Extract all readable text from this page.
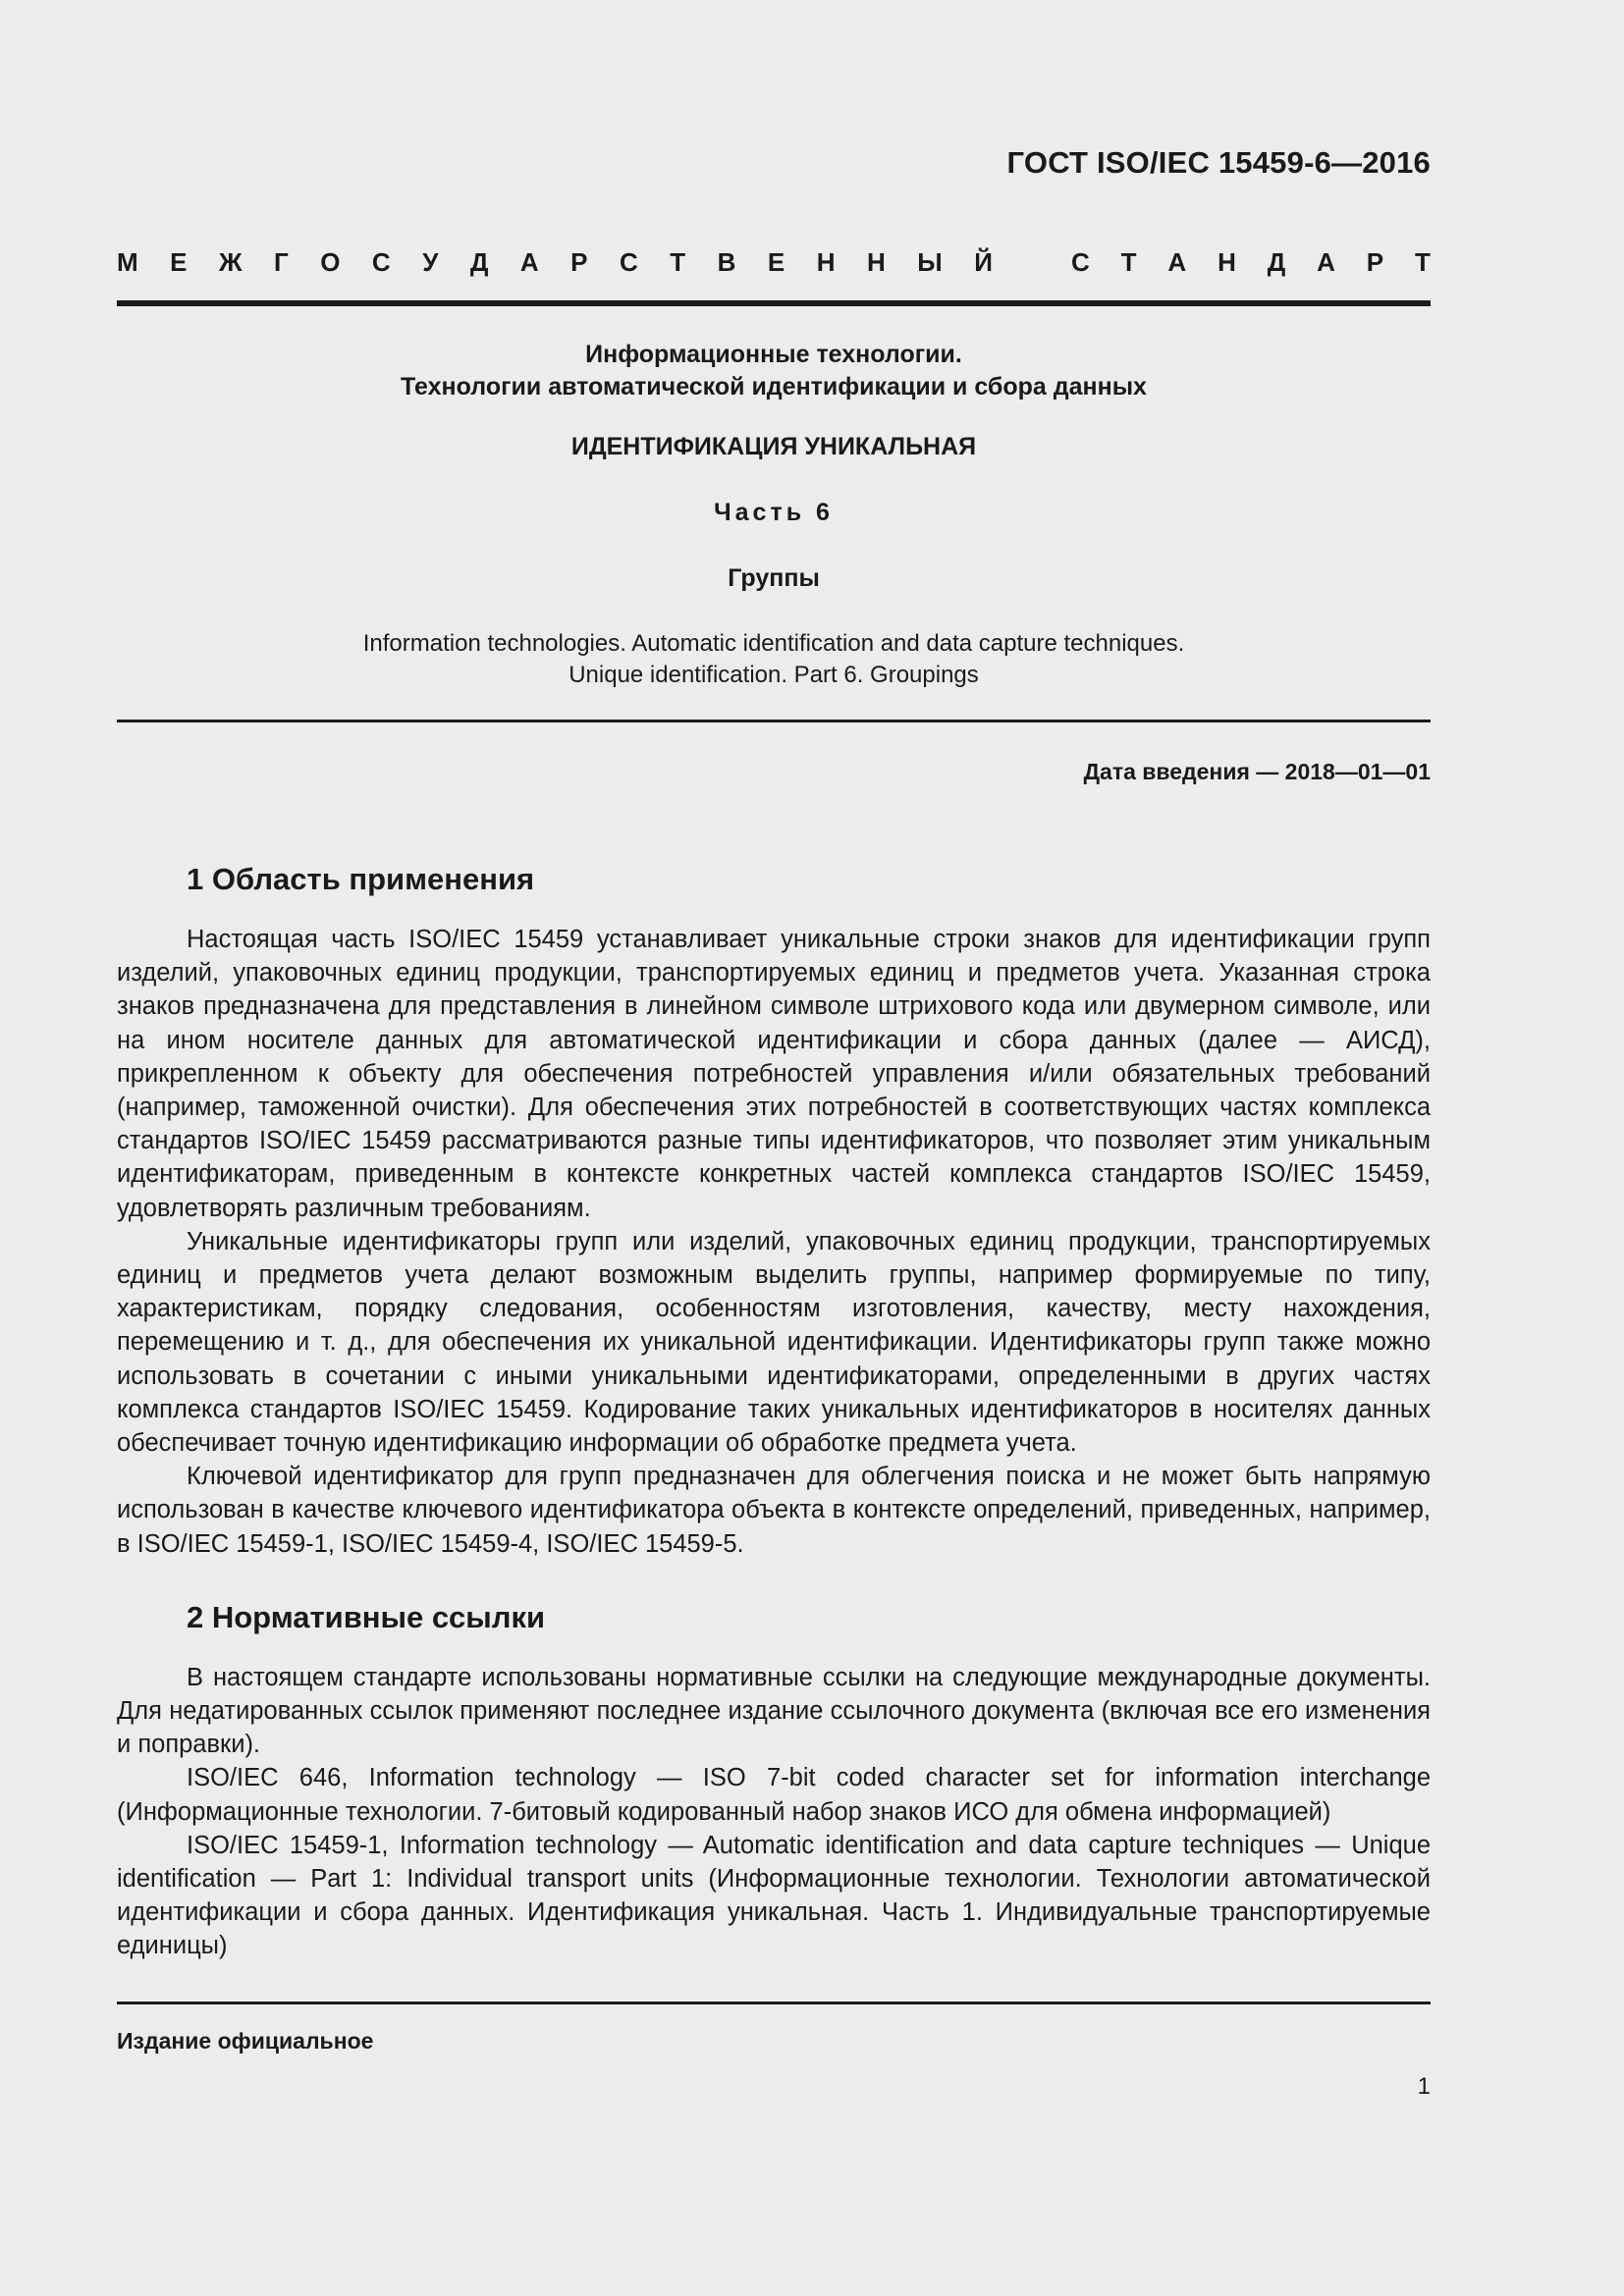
ГОСТ ISO/IEC 15459-6—2016
М Е Ж Г О С У Д А Р С Т В Е Н Н Ы Й	С Т А Н Д А Р Т
Информационные технологии.
Технологии автоматической идентификации и сбора данных
ИДЕНТИФИКАЦИЯ УНИКАЛЬНАЯ
Часть 6
Группы
Information technologies. Automatic identification and data capture techniques.
Unique identification. Part 6. Groupings
Дата введения — 2018—01—01
1 Область применения

Настоящая часть ISO/IEC 15459 устанавливает уникальные строки знаков для идентификации групп изделий, упаковочных единиц продукции, транспортируемых единиц и предметов учета. Указанная строка знаков предназначена для представления в линейном символе штрихового кода или двумерном символе, или на ином носителе данных для автоматической идентификации и сбора данных (далее — АИСД), прикрепленном к объекту для обеспечения потребностей управления и/или обязательных требований (например, таможенной очистки). Для обеспечения этих потребностей в соответствующих частях комплекса стандартов ISO/IEC 15459 рассматриваются разные типы идентификаторов, что позволяет этим уникальным идентификаторам, приведенным в контексте конкретных частей комплекса стандартов ISO/IEC 15459, удовлетворять различным требованиям.

Уникальные идентификаторы групп или изделий, упаковочных единиц продукции, транспортируемых единиц и предметов учета делают возможным выделить группы, например формируемые по типу, характеристикам, порядку следования, особенностям изготовления, качеству, месту нахождения, перемещению и т. д., для обеспечения их уникальной идентификации. Идентификаторы групп также можно использовать в сочетании с иными уникальными идентификаторами, определенными в других частях комплекса стандартов ISO/IEC 15459. Кодирование таких уникальных идентификаторов в носителях данных обеспечивает точную идентификацию информации об обработке предмета учета.

Ключевой идентификатор для групп предназначен для облегчения поиска и не может быть напрямую использован в качестве ключевого идентификатора объекта в контексте определений, приведенных, например, в ISO/IEC 15459-1, ISO/IEC 15459-4, ISO/IEC 15459-5.

2 Нормативные ссылки

В настоящем стандарте использованы нормативные ссылки на следующие международные документы. Для недатированных ссылок применяют последнее издание ссылочного документа (включая все его изменения и поправки).

ISO/IEC 646, Information technology — ISO 7-bit coded character set for information interchange (Информационные технологии. 7-битовый кодированный набор знаков ИСО для обмена информацией)

ISO/IEC 15459-1, Information technology — Automatic identification and data capture techniques — Unique identification — Part 1: Individual transport units (Информационные технологии. Технологии автоматической идентификации и сбора данных. Идентификация уникальная. Часть 1. Индивидуальные транспортируемые единицы)

Издание официальное
1
